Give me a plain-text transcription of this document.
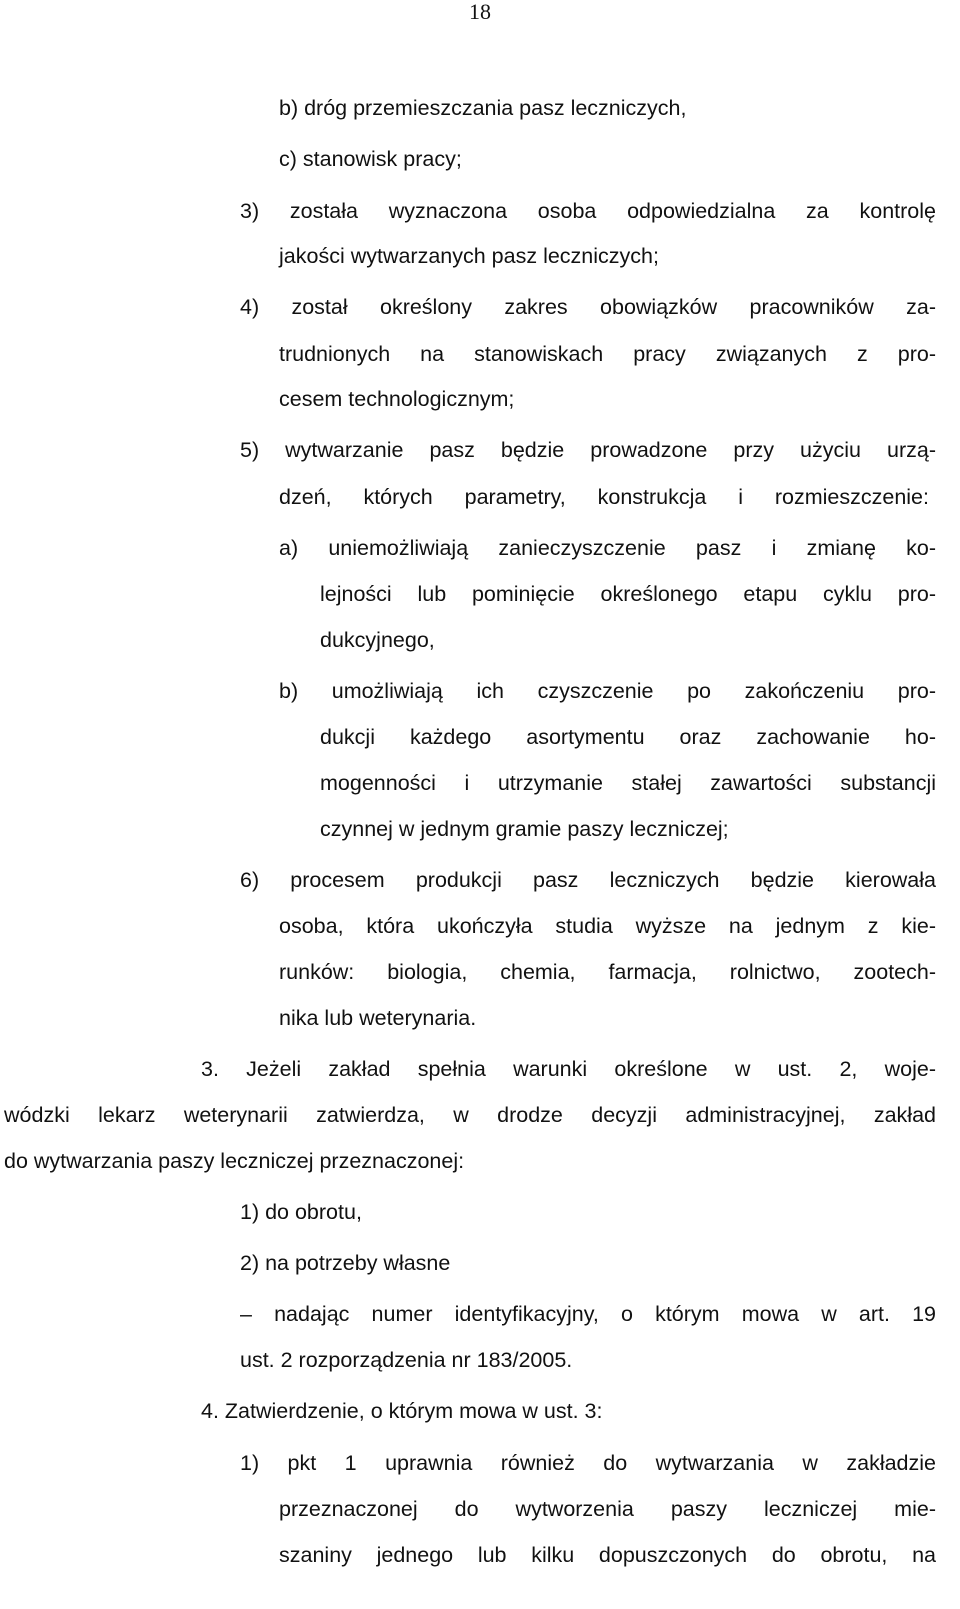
18
b) dróg przemieszczania pasz leczniczych,
c) stanowisk pracy;
3) została wyznaczona osoba odpowiedzialna za kontrolę
jakości wytwarzanych pasz leczniczych;
4) został określony zakres obowiązków pracowników za-
trudnionych na stanowiskach pracy związanych z pro-
cesem technologicznym;
5) wytwarzanie pasz będzie prowadzone przy użyciu urzą-
dzeń, których parametry, konstrukcja i rozmieszczenie:
a) uniemożliwiają zanieczyszczenie pasz i zmianę ko-
lejności lub pominięcie określonego etapu cyklu pro-
dukcyjnego,
b) umożliwiają ich czyszczenie po zakończeniu pro-
dukcji każdego asortymentu oraz zachowanie ho-
mogenności i utrzymanie stałej zawartości substancji
czynnej w jednym gramie paszy leczniczej;
6) procesem produkcji pasz leczniczych będzie kierowała
osoba, która ukończyła studia wyższe na jednym z kie-
runków: biologia, chemia, farmacja, rolnictwo, zootech-
nika lub weterynaria.
3. Jeżeli zakład spełnia warunki określone w ust. 2, woje-
wódzki lekarz weterynarii zatwierdza, w drodze decyzji administracyjnej, zakład
do wytwarzania paszy leczniczej przeznaczonej:
1) do obrotu,
2) na potrzeby własne
– nadając numer identyfikacyjny, o którym mowa w art. 19
ust. 2 rozporządzenia nr 183/2005.
4. Zatwierdzenie, o którym mowa w ust. 3:
1) pkt 1 uprawnia również do wytwarzania w zakładzie
przeznaczonej do wytworzenia paszy leczniczej mie-
szaniny jednego lub kilku dopuszczonych do obrotu, na
